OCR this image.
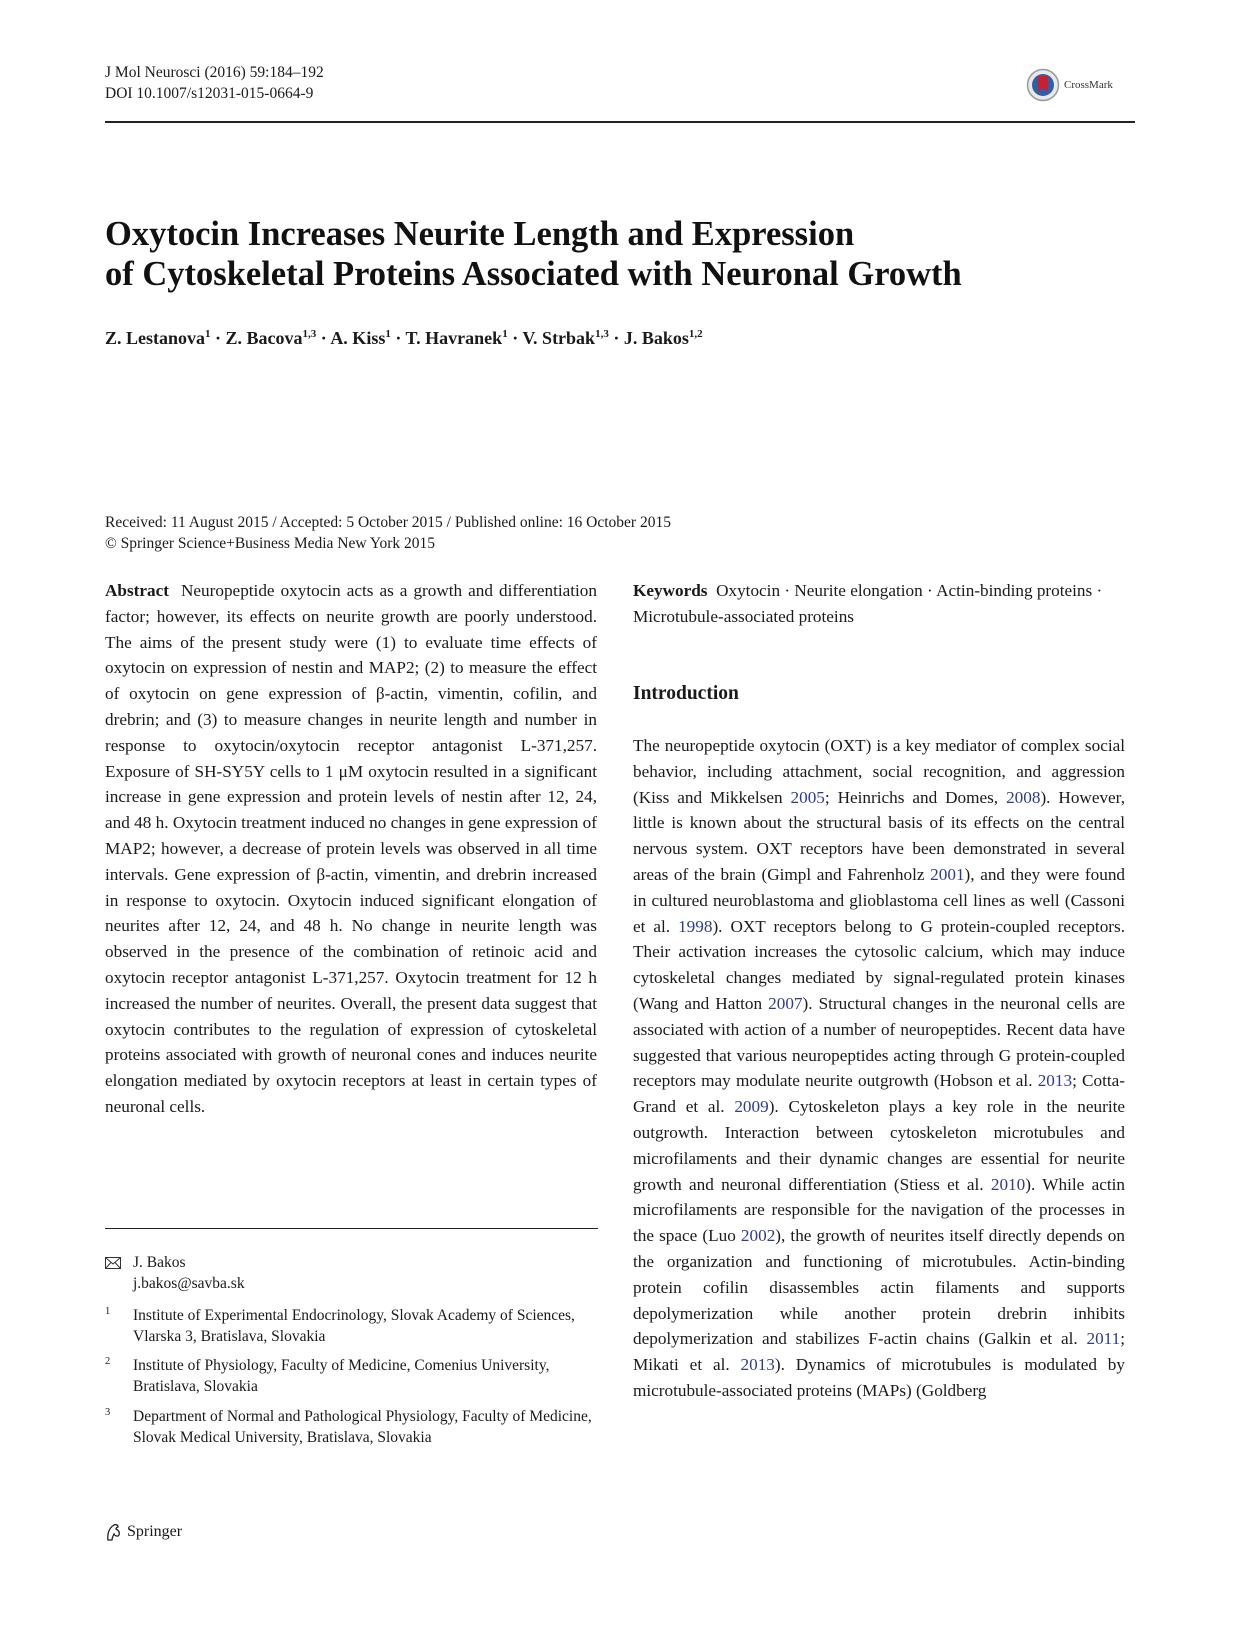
J Mol Neurosci (2016) 59:184–192
DOI 10.1007/s12031-015-0664-9	CrossMark
Oxytocin Increases Neurite Length and Expression
of Cytoskeletal Proteins Associated with Neuronal Growth
Z. Lestanova$^1$ · Z. Bacova$^{1,3}$ · A. Kiss$^1$ · T. Havranek$^1$ · V. Strbak$^{1,3}$ · J. Bakos$^{1,2}$
Received: 11 August 2015 / Accepted: 5 October 2015 / Published online: 16 October 2015
© Springer Science+Business Media New York 2015
Abstract Neuropeptide oxytocin acts as a growth and differentiation factor; however, its effects on neurite growth are poorly understood. The aims of the present study were (1) to evaluate time effects of oxytocin on expression of nestin and MAP2; (2) to measure the effect of oxytocin on gene expression of β-actin, vimentin, cofilin, and drebrin; and (3) to measure changes in neurite length and number in response to oxytocin/oxytocin receptor antagonist L-371,257. Exposure of SH-SY5Y cells to 1 μM oxytocin resulted in a significant increase in gene expression and protein levels of nestin after 12, 24, and 48 h. Oxytocin treatment induced no changes in gene expression of MAP2; however, a decrease of protein levels was observed in all time intervals. Gene expression of β-actin, vimentin, and drebrin increased in response to oxytocin. Oxytocin induced significant elongation of neurites after 12, 24, and 48 h. No change in neurite length was observed in the presence of the combination of retinoic acid and oxytocin receptor antagonist L-371,257. Oxytocin treatment for 12 h increased the number of neurites. Overall, the present data suggest that oxytocin contributes to the regulation of expression of cytoskeletal proteins associated with growth of neuronal cones and induces neurite elongation mediated by oxytocin receptors at least in certain types of neuronal cells.
Keywords Oxytocin · Neurite elongation · Actin-binding proteins · Microtubule-associated proteins
Introduction
The neuropeptide oxytocin (OXT) is a key mediator of complex social behavior, including attachment, social recognition, and aggression (Kiss and Mikkelsen 2005; Heinrichs and Domes, 2008). However, little is known about the structural basis of its effects on the central nervous system. OXT receptors have been demonstrated in several areas of the brain (Gimpl and Fahrenholz 2001), and they were found in cultured neuroblastoma and glioblastoma cell lines as well (Cassoni et al. 1998). OXT receptors belong to G protein-coupled receptors. Their activation increases the cytosolic calcium, which may induce cytoskeletal changes mediated by signal-regulated protein kinases (Wang and Hatton 2007). Structural changes in the neuronal cells are associated with action of a number of neuropeptides. Recent data have suggested that various neuropeptides acting through G protein-coupled receptors may modulate neurite outgrowth (Hobson et al. 2013; Cotta-Grand et al. 2009). Cytoskeleton plays a key role in the neurite outgrowth. Interaction between cytoskeleton microtubules and microfilaments and their dynamic changes are essential for neurite growth and neuronal differentiation (Stiess et al. 2010). While actin microfilaments are responsible for the navigation of the processes in the space (Luo 2002), the growth of neurites itself directly depends on the organization and functioning of microtubules. Actin-binding protein cofilin disassembles actin filaments and supports depolymerization while another protein drebrin inhibits depolymerization and stabilizes F-actin chains (Galkin et al. 2011; Mikati et al. 2013). Dynamics of microtubules is modulated by microtubule-associated proteins (MAPs) (Goldberg
J. Bakos
j.bakos@savba.sk
1	Institute of Experimental Endocrinology, Slovak Academy of Sciences, Vlarska 3, Bratislava, Slovakia
2	Institute of Physiology, Faculty of Medicine, Comenius University, Bratislava, Slovakia
3	Department of Normal and Pathological Physiology, Faculty of Medicine, Slovak Medical University, Bratislava, Slovakia
Springer
